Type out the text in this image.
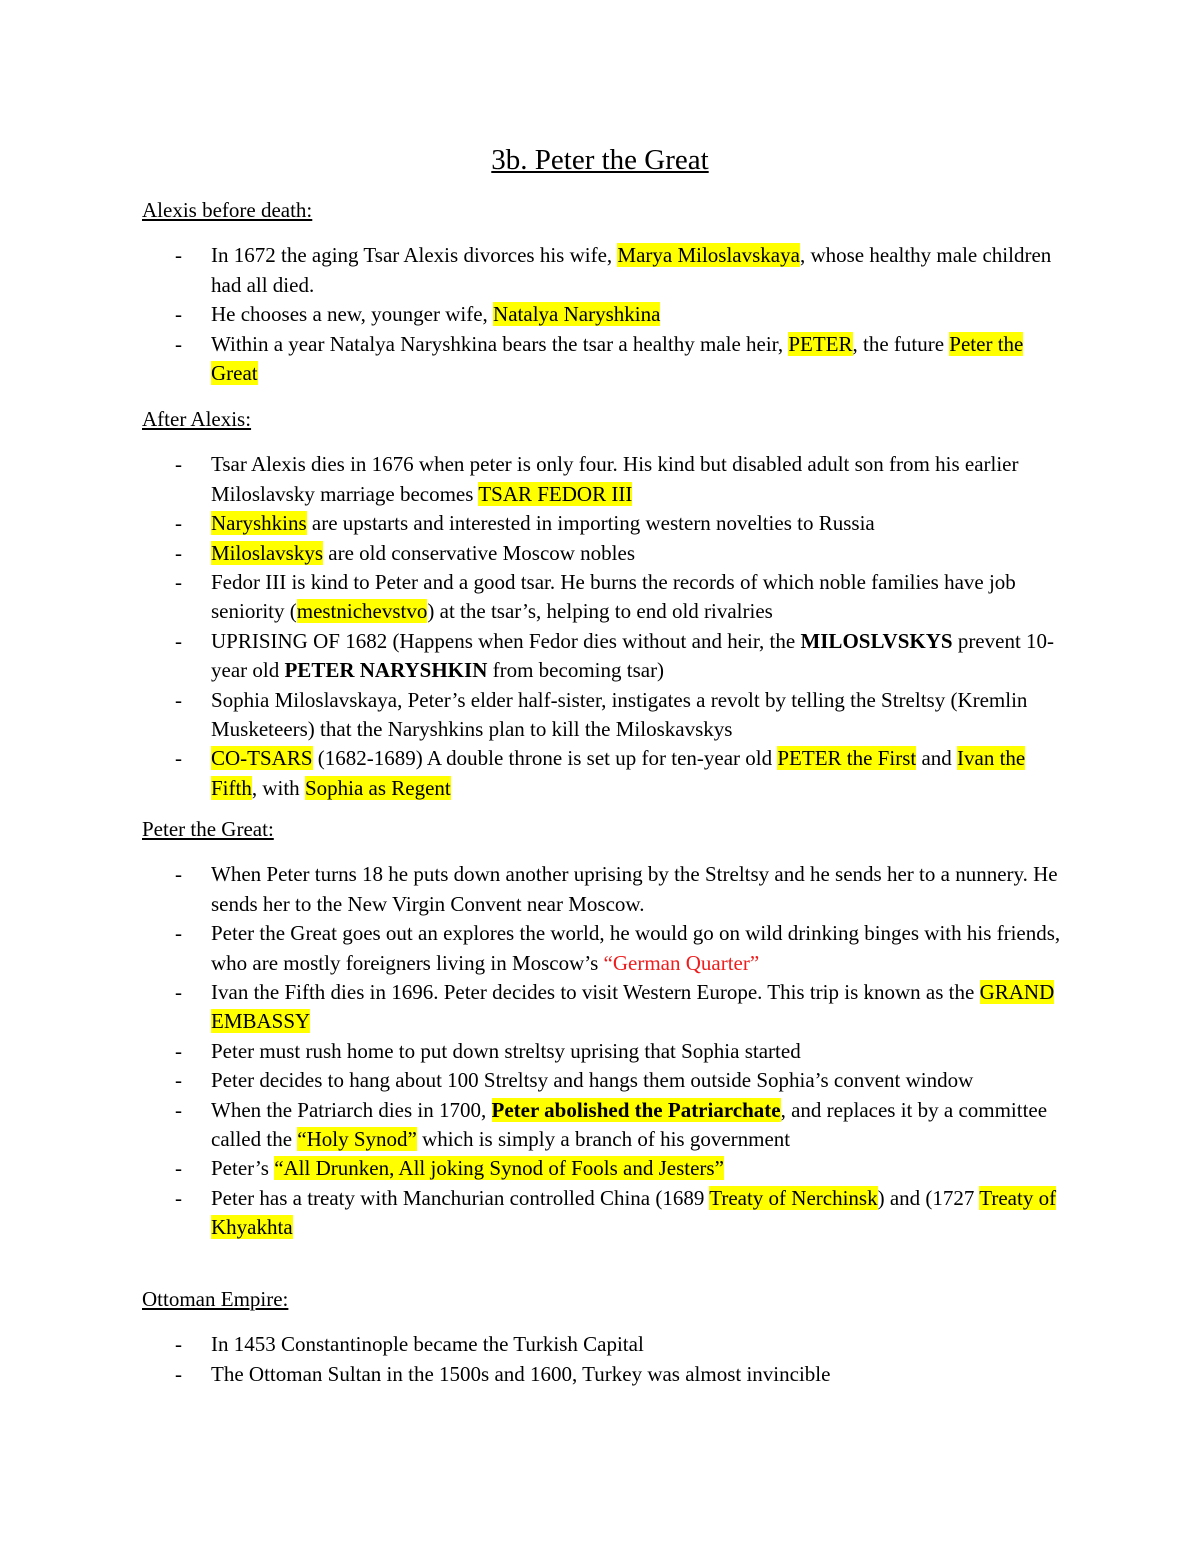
3b. Peter the Great
Alexis before death:
- In 1672 the aging Tsar Alexis divorces his wife, Marya Miloslavskaya, whose healthy male children had all died.
- He chooses a new, younger wife, Natalya Naryshkina
- Within a year Natalya Naryshkina bears the tsar a healthy male heir, PETER, the future Peter the Great
After Alexis:
- Tsar Alexis dies in 1676 when peter is only four. His kind but disabled adult son from his earlier Miloslavsky marriage becomes TSAR FEDOR III
- Naryshkins are upstarts and interested in importing western novelties to Russia
- Miloslavskys are old conservative Moscow nobles
- Fedor III is kind to Peter and a good tsar. He burns the records of which noble families have job seniority (mestnichevstvo) at the tsar’s, helping to end old rivalries
- UPRISING OF 1682 (Happens when Fedor dies without and heir, the MILOSLVSKYS prevent 10-year old PETER NARYSHKIN from becoming tsar)
- Sophia Miloslavskaya, Peter’s elder half-sister, instigates a revolt by telling the Streltsy (Kremlin Musketeers) that the Naryshkins plan to kill the Miloskavskys
- CO-TSARS (1682-1689) A double throne is set up for ten-year old PETER the First and Ivan the Fifth, with Sophia as Regent
Peter the Great:
- When Peter turns 18 he puts down another uprising by the Streltsy and he sends her to a nunnery. He sends her to the New Virgin Convent near Moscow.
- Peter the Great goes out an explores the world, he would go on wild drinking binges with his friends, who are mostly foreigners living in Moscow’s “German Quarter”
- Ivan the Fifth dies in 1696. Peter decides to visit Western Europe. This trip is known as the GRAND EMBASSY
- Peter must rush home to put down streltsy uprising that Sophia started
- Peter decides to hang about 100 Streltsy and hangs them outside Sophia’s convent window
- When the Patriarch dies in 1700, Peter abolished the Patriarchate, and replaces it by a committee called the “Holy Synod” which is simply a branch of his government
- Peter’s “All Drunken, All joking Synod of Fools and Jesters”
- Peter has a treaty with Manchurian controlled China (1689 Treaty of Nerchinsk) and (1727 Treaty of Khyakhta
Ottoman Empire:
- In 1453 Constantinople became the Turkish Capital
- The Ottoman Sultan in the 1500s and 1600, Turkey was almost invincible
